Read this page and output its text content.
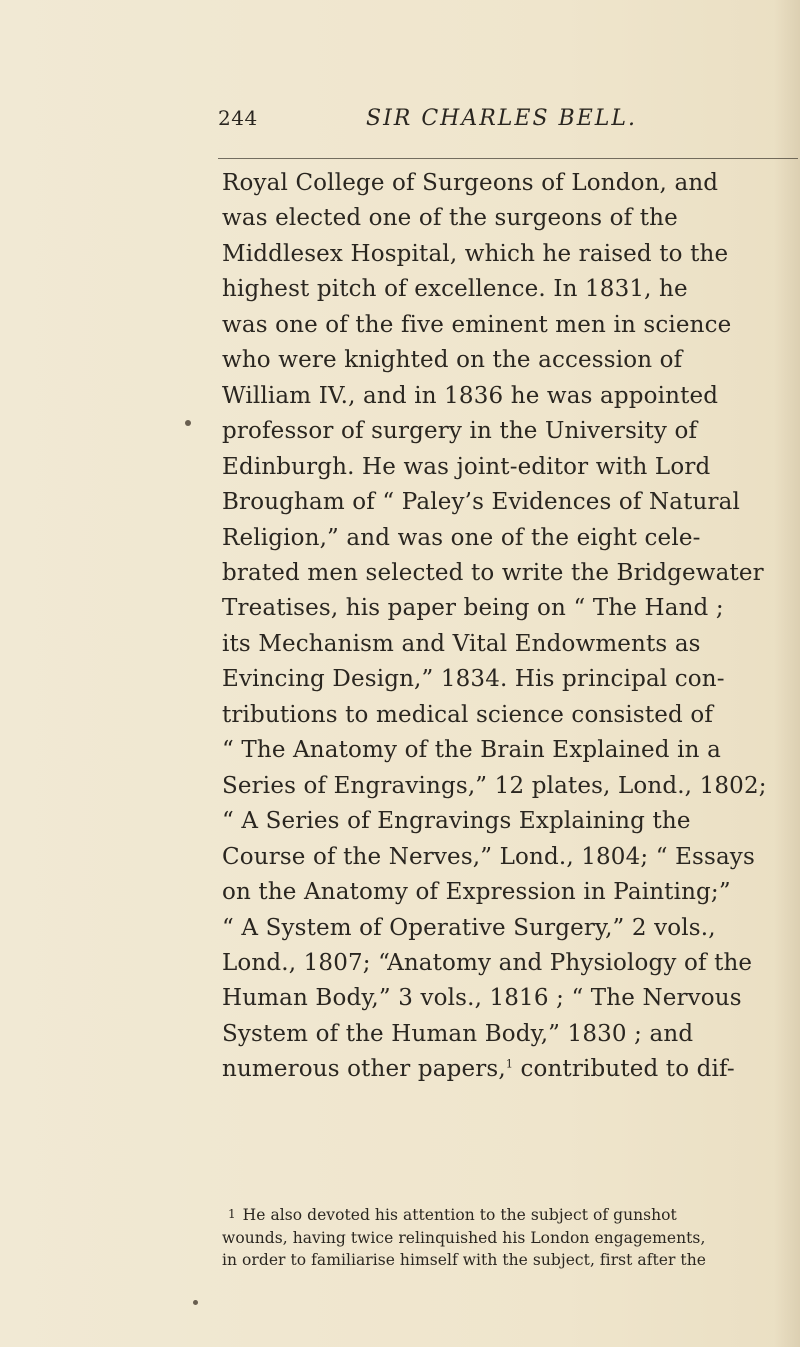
244	SIR CHARLES BELL.
Royal College of Surgeons of London, and
was elected one of the surgeons of the
Middlesex Hospital, which he raised to the
highest pitch of excellence. In 1831, he
was one of the five eminent men in science
who were knighted on the accession of
William IV., and in 1836 he was appointed
professor of surgery in the University of
Edinburgh. He was joint-editor with Lord
Brougham of “ Paley’s Evidences of Natural
Religion,” and was one of the eight cele-
brated men selected to write the Bridgewater
Treatises, his paper being on “ The Hand ;
its Mechanism and Vital Endowments as
Evincing Design,” 1834. His principal con-
tributions to medical science consisted of
“ The Anatomy of the Brain Explained in a
Series of Engravings,” 12 plates, Lond., 1802;
“ A Series of Engravings Explaining the
Course of the Nerves,” Lond., 1804; “ Essays
on the Anatomy of Expression in Painting;”
“ A System of Operative Surgery,” 2 vols.,
Lond., 1807; “Anatomy and Physiology of the
Human Body,” 3 vols., 1816 ; “ The Nervous
System of the Human Body,” 1830 ; and
numerous other papers,$^1$ contributed to dif-
1 He also devoted his attention to the subject of gunshot
wounds, having twice relinquished his London engagements,
in order to familiarise himself with the subject, first after the
